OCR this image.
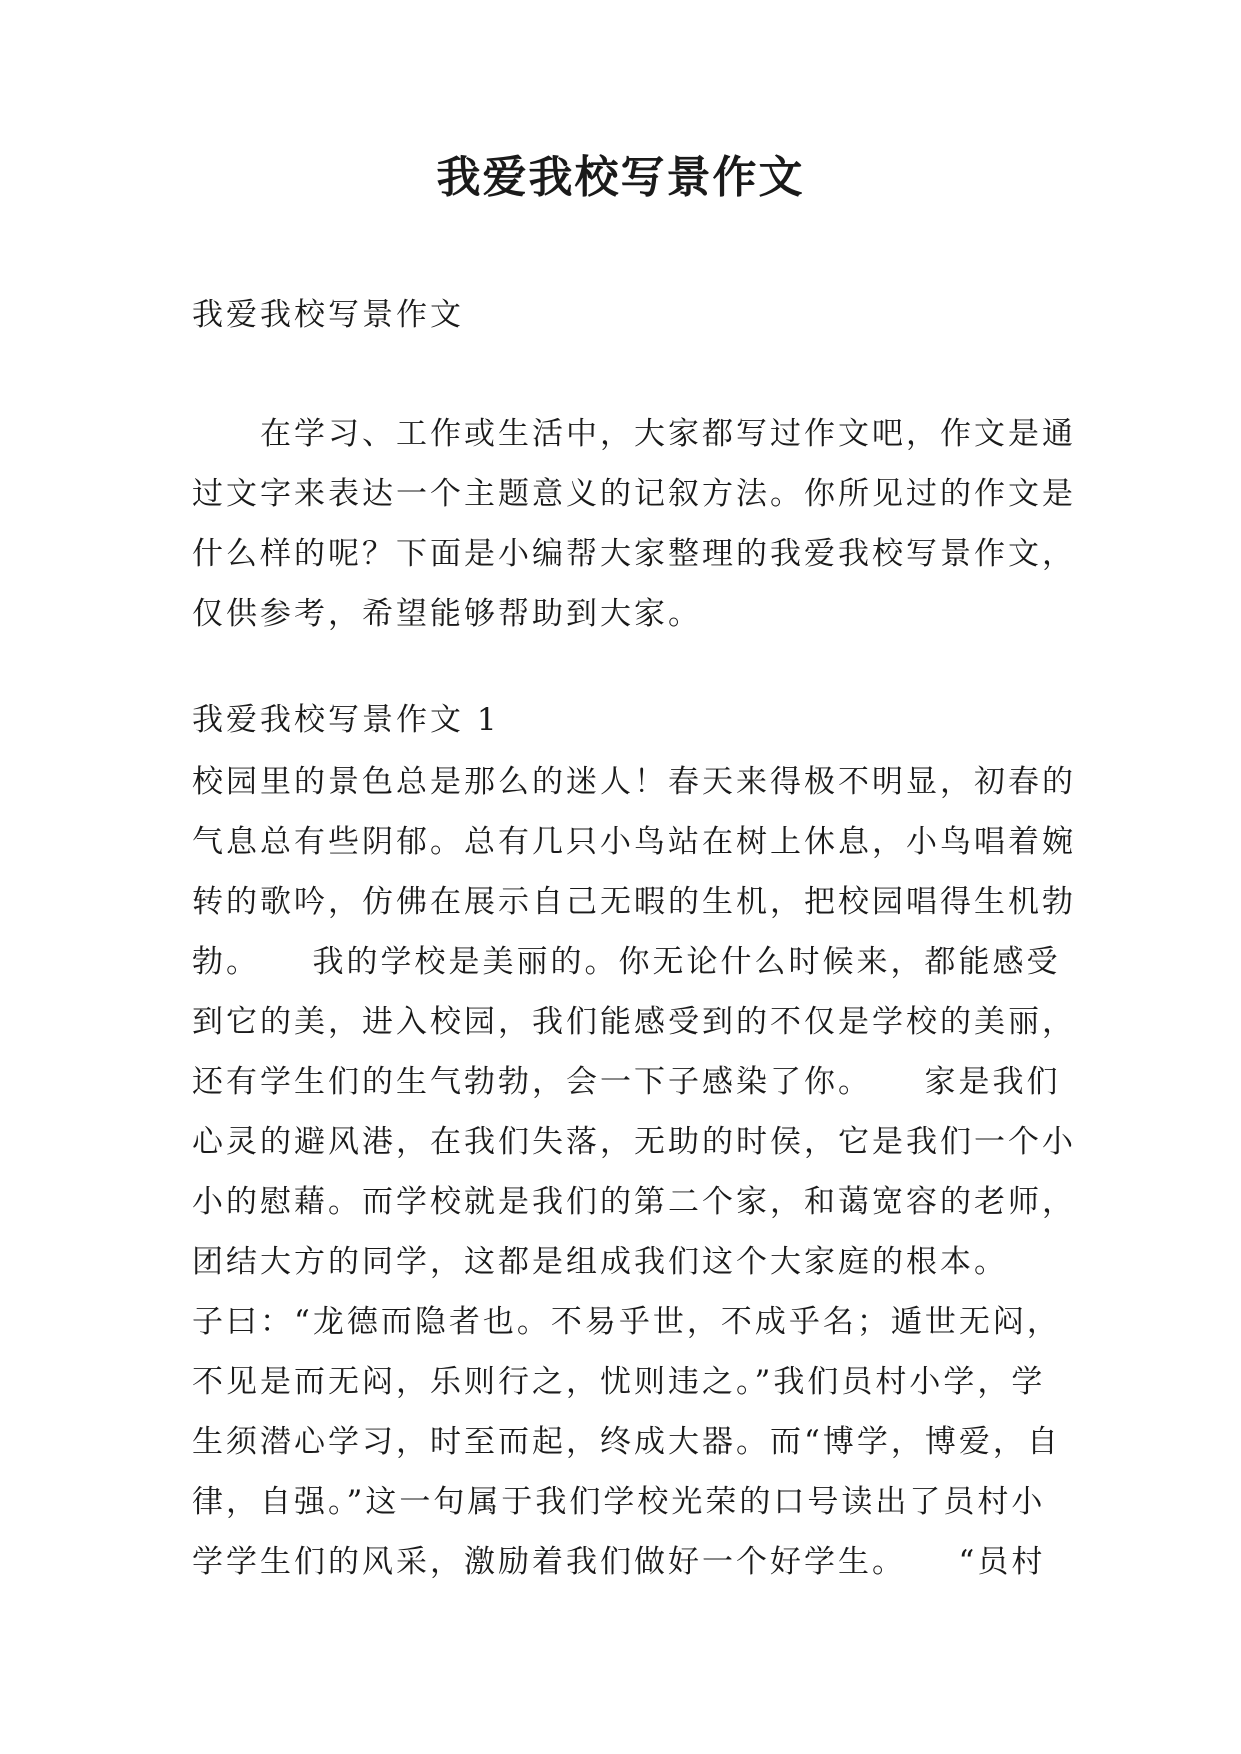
我爱我校写景作文

我爱我校写景作文

　　在学习、工作或生活中，大家都写过作文吧，作文是通
过文字来表达一个主题意义的记叙方法。你所见过的作文是
什么样的呢？下面是小编帮大家整理的我爱我校写景作文，
仅供参考，希望能够帮助到大家。

我爱我校写景作文 1

校园里的景色总是那么的迷人！春天来得极不明显，初春的
气息总有些阴郁。总有几只小鸟站在树上休息，小鸟唱着婉
转的歌吟，仿佛在展示自己无暇的生机，把校园唱得生机勃
勃。　　我的学校是美丽的。你无论什么时候来，都能感受
到它的美，进入校园，我们能感受到的不仅是学校的美丽，
还有学生们的生气勃勃，会一下子感染了你。　　家是我们
心灵的避风港，在我们失落，无助的时侯，它是我们一个小
小的慰藉。而学校就是我们的第二个家，和蔼宽容的老师，
团结大方的同学，这都是组成我们这个大家庭的根本。
子曰：“龙德而隐者也。不易乎世，不成乎名；遁世无闷，
不见是而无闷，乐则行之，忧则违之。”我们员村小学，学
生须潜心学习，时至而起，终成大器。而“博学，博爱，自
律，自强。”这一句属于我们学校光荣的口号读出了员村小
学学生们的风采，激励着我们做好一个好学生。　　“员村
